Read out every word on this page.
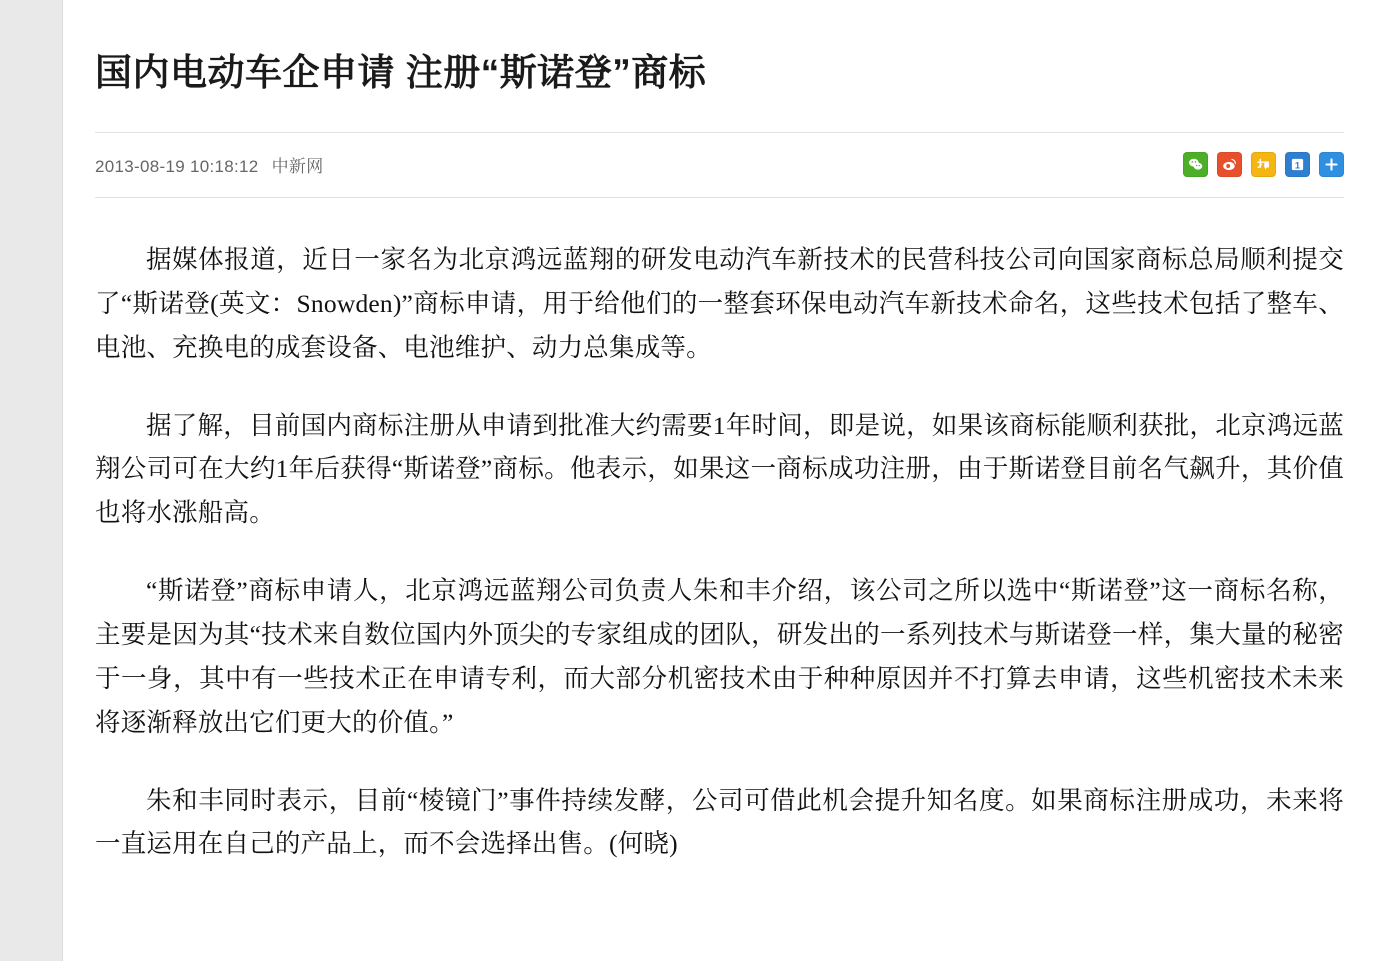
国内电动车企申请 注册“斯诺登”商标
2013-08-19 10:18:12 中新网	1

据媒体报道，近日一家名为北京鸿远蓝翔的研发电动汽车新技术的民营科技公司向国家商标总局顺利提交了“斯诺登(英文：Snowden)”商标申请，用于给他们的一整套环保电动汽车新技术命名，这些技术包括了整车、电池、充换电的成套设备、电池维护、动力总集成等。

据了解，目前国内商标注册从申请到批准大约需要1年时间，即是说，如果该商标能顺利获批，北京鸿远蓝翔公司可在大约1年后获得“斯诺登”商标。他表示，如果这一商标成功注册，由于斯诺登目前名气飙升，其价值也将水涨船高。

“斯诺登”商标申请人，北京鸿远蓝翔公司负责人朱和丰介绍，该公司之所以选中“斯诺登”这一商标名称，主要是因为其“技术来自数位国内外顶尖的专家组成的团队，研发出的一系列技术与斯诺登一样，集大量的秘密于一身，其中有一些技术正在申请专利，而大部分机密技术由于种种原因并不打算去申请，这些机密技术未来将逐渐释放出它们更大的价值。”

朱和丰同时表示，目前“棱镜门”事件持续发酵，公司可借此机会提升知名度。如果商标注册成功，未来将一直运用在自己的产品上，而不会选择出售。(何晓)
